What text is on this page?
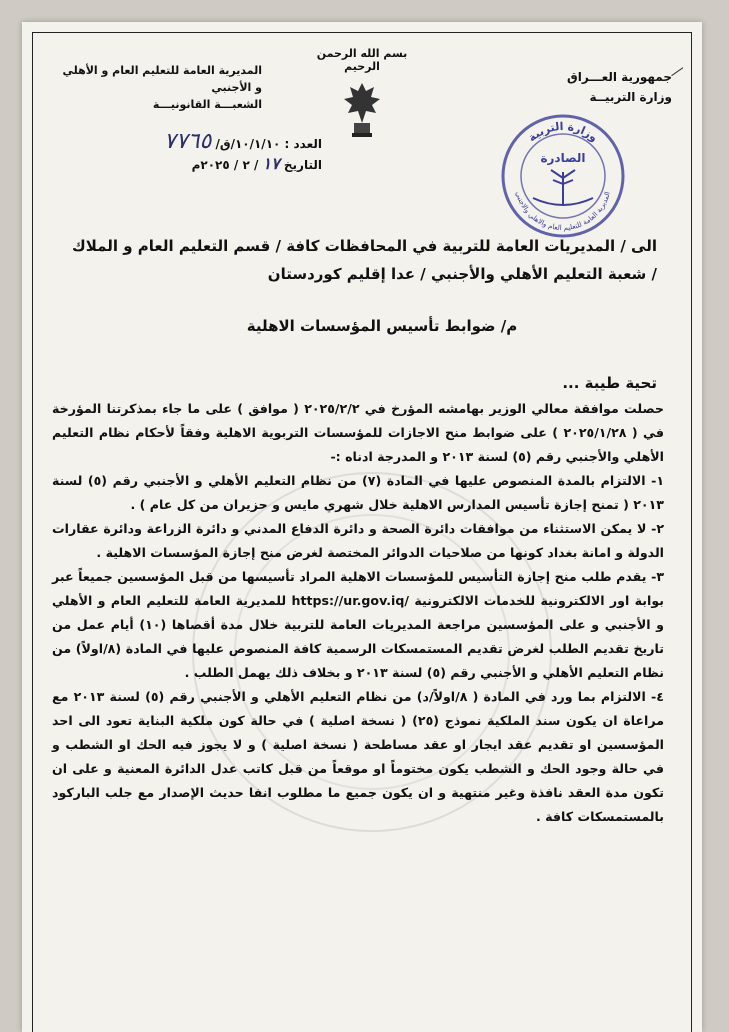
جمهورية العـــراق
وزارة التربيــة
بسم الله الرحمن الرحيم
المديرية العامة للتعليم العام و الأهلي و الأجنبي
الشعبـــة القانونيـــة
العدد : ١٠/١/١٠/ق/ ٧٧٦٥
التاريخ ١٧ / ٢ / ٢٠٢٥م
وزارة التربية
المديرية العامة للتعليم العام والاهلي والاجنبي
الصادرة
الى / المديريات العامة للتربية في المحافظات كافة / قسم التعليم العام و الملاك
/ شعبة التعليم الأهلي والأجنبي / عدا إقليم كوردستان
م/ ضوابط تأسيس المؤسسات الاهلية
تحية طيبة ...

حصلت موافقة معالي الوزير بهامشه المؤرخ في ٢٠٢٥/٢/٢ ( موافق ) على ما جاء بمذكرتنا المؤرخة في ( ٢٠٢٥/١/٢٨ ) على ضوابط منح الاجازات للمؤسسات التربوية الاهلية وفقاً لأحكام نظام التعليم الأهلي والأجنبي رقم (٥) لسنة ٢٠١٣ و المدرجة ادناه :-

١- الالتزام بالمدة المنصوص عليها في المادة (٧) من نظام التعليم الأهلي و الأجنبي رقم (٥) لسنة ٢٠١٣ ( تمنح إجازة تأسيس المدارس الاهلية خلال شهري مايس و حزيران من كل عام ) .

٢- لا يمكن الاستثناء من موافقات دائرة الصحة و دائرة الدفاع المدني و دائرة الزراعة ودائرة عقارات الدولة و امانة بغداد كونها من صلاحيات الدوائر المختصة لغرض منح إجازة المؤسسات الاهلية .

٣- يقدم طلب منح إجازة التأسيس للمؤسسات الاهلية المراد تأسيسها من قبل المؤسسين جميعاً عبر بوابة اور الالكترونية للخدمات الالكترونية https://ur.gov.iq/ للمديرية العامة للتعليم العام و الأهلي و الأجنبي و على المؤسسين مراجعة المديريات العامة للتربية خلال مدة أقصاها (١٠) أيام عمل من تاريخ تقديم الطلب لغرض تقديم المستمسكات الرسمية كافة المنصوص عليها في المادة (٨/اولاً) من نظام التعليم الأهلي و الأجنبي رقم (٥) لسنة ٢٠١٣ و بخلاف ذلك يهمل الطلب .

٤- الالتزام بما ورد في المادة ( ٨/اولاً/د) من نظام التعليم الأهلي و الأجنبي رقم (٥) لسنة ٢٠١٣ مع مراعاة ان يكون سند الملكية نموذج (٢٥) ( نسخة اصلية ) في حالة كون ملكية البناية تعود الى احد المؤسسين او تقديم عقد ايجار او عقد مساطحة ( نسخة اصلية ) و لا يجوز فيه الحك او الشطب و في حالة وجود الحك و الشطب يكون مختوماً او موقعاً من قبل كاتب عدل الدائرة المعنية و على ان تكون مدة العقد نافذة وغير منتهية و ان يكون جميع ما مطلوب انفا حديث الإصدار مع جلب الباركود بالمستمسكات كافة .
